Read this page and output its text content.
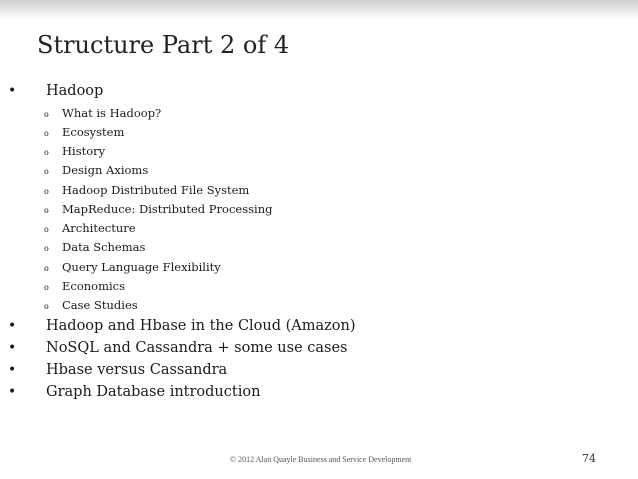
Structure Part 2 of 4
• Hadoop
o What is Hadoop?
o Ecosystem
o History
o Design Axioms
o Hadoop Distributed File System
o MapReduce: Distributed Processing
o Architecture
o Data Schemas
o Query Language Flexibility
o Economics
o Case Studies
• Hadoop and Hbase in the Cloud (Amazon)
• NoSQL and Cassandra + some use cases
• Hbase versus Cassandra
• Graph Database introduction
© 2012 Alan Quayle Business and Service Development	74
